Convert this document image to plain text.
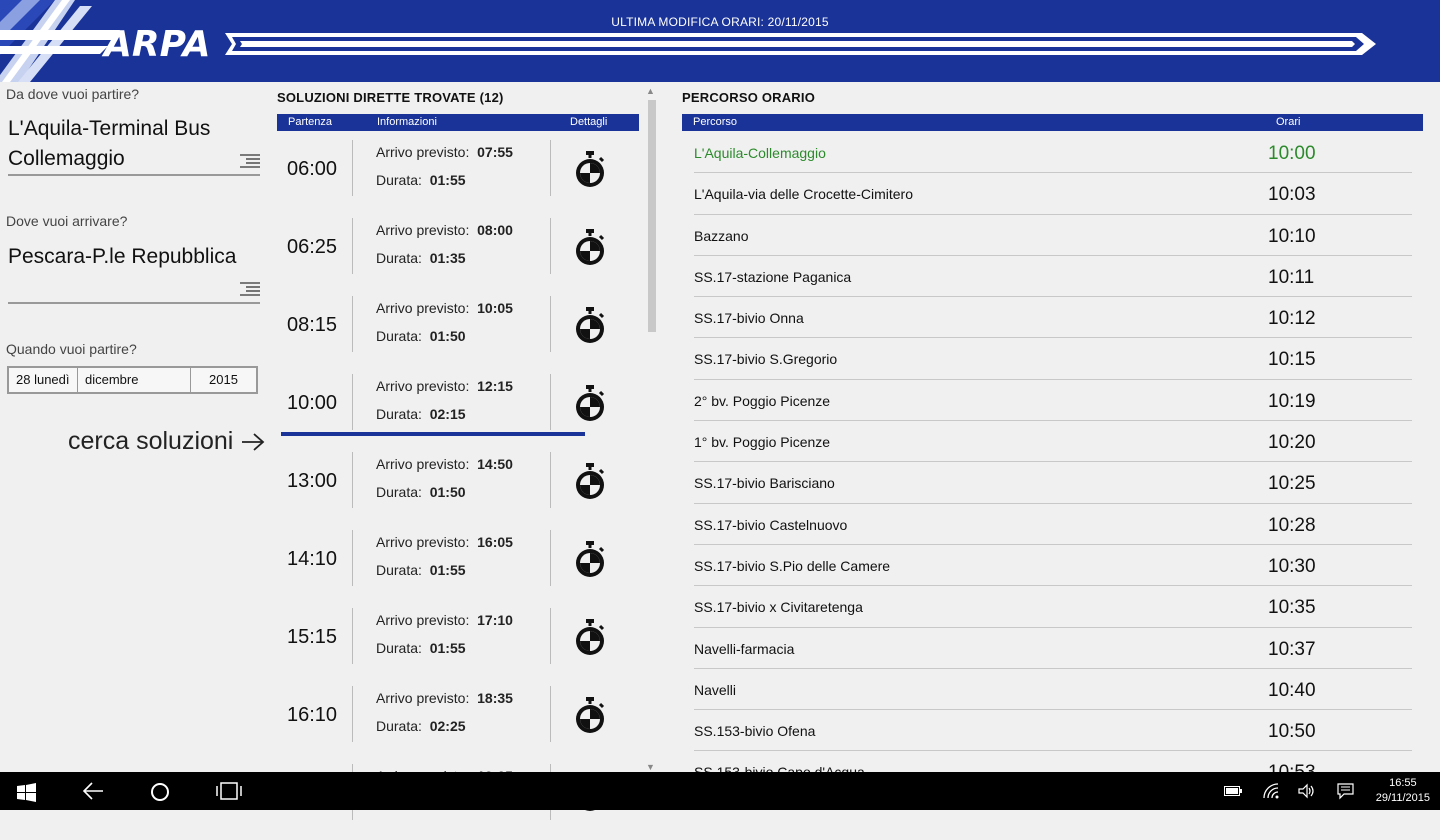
ARPA
ULTIMA MODIFICA ORARI: 20/11/2015
Da dove vuoi partire?
L'Aquila-Terminal Bus Collemaggio
Dove vuoi arrivare?
Pescara-P.le Repubblica
Quando vuoi partire?
28 lunedì	dicembre	2015
cerca soluzioni
SOLUZIONI DIRETTE TROVATE (12)
Partenza	Informazioni	Dettagli
06:00
Arrivo previsto: 07:55
Durata: 01:55
06:25
Arrivo previsto: 08:00
Durata: 01:35
08:15
Arrivo previsto: 10:05
Durata: 01:50
10:00
Arrivo previsto: 12:15
Durata: 02:15
13:00
Arrivo previsto: 14:50
Durata: 01:50
14:10
Arrivo previsto: 16:05
Durata: 01:55
15:15
Arrivo previsto: 17:10
Durata: 01:55
16:10
Arrivo previsto: 18:35
Durata: 02:25

▲
▼
PERCORSO ORARIO
Percorso	Orari
L'Aquila-Collemaggio	10:00
L'Aquila-via delle Crocette-Cimitero	10:03
Bazzano	10:10
SS.17-stazione Paganica	10:11
SS.17-bivio Onna	10:12
SS.17-bivio S.Gregorio	10:15
2° bv. Poggio Picenze	10:19
1° bv. Poggio Picenze	10:20
SS.17-bivio Barisciano	10:25
SS.17-bivio Castelnuovo	10:28
SS.17-bivio S.Pio delle Camere	10:30
SS.17-bivio x Civitaretenga	10:35
Navelli-farmacia	10:37
Navelli	10:40
SS.153-bivio Ofena	10:50
16:55
29/11/2015
